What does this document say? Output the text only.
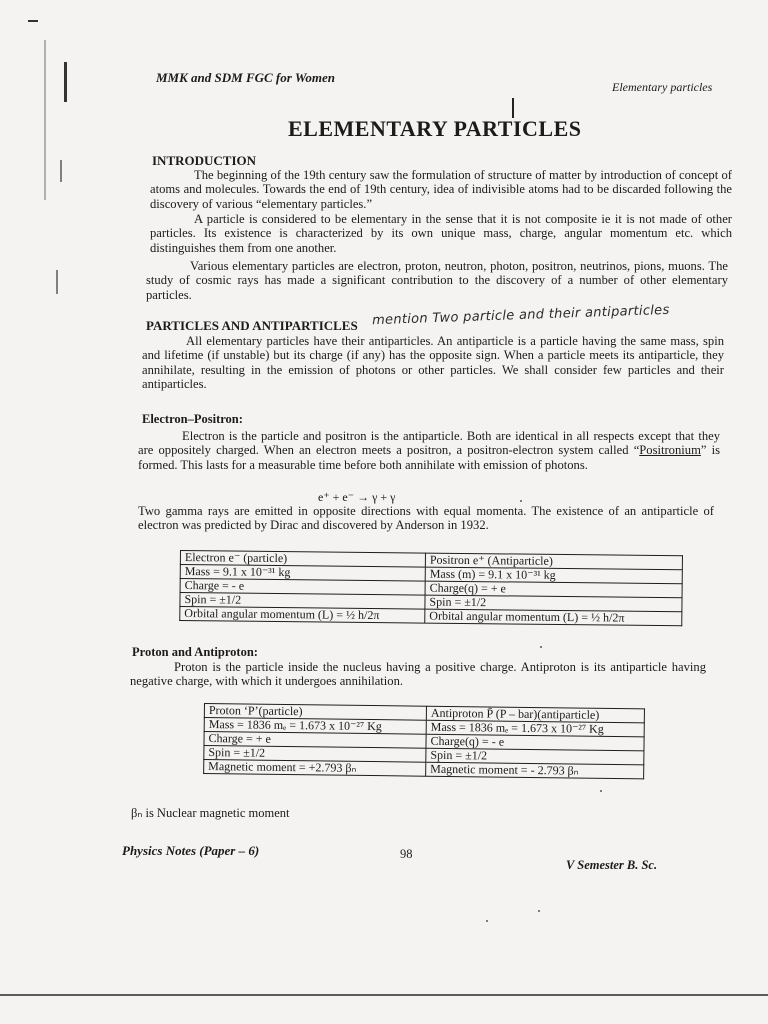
MMK and SDM FGC for Women
Elementary particles
ELEMENTARY PARTICLES
INTRODUCTION
The beginning of the 19th century saw the formulation of structure of matter by introduction of concept of atoms and molecules. Towards the end of 19th century, idea of indivisible atoms had to be discarded following the discovery of various “elementary particles.”
A particle is considered to be elementary in the sense that it is not composite ie it is not made of other particles. Its existence is characterized by its own unique mass, charge, angular momentum etc. which distinguishes them from one another.
Various elementary particles are electron, proton, neutron, photon, positron, neutrinos, pions, muons. The study of cosmic rays has made a significant contribution to the discovery of a number of other elementary particles.
PARTICLES AND ANTIPARTICLES mention Two particle and their antiparticles
All elementary particles have their antiparticles. An antiparticle is a particle having the same mass, spin and lifetime (if unstable) but its charge (if any) has the opposite sign. When a particle meets its antiparticle, they annihilate, resulting in the emission of photons or other particles. We shall consider few particles and their antiparticles.
Electron–Positron:
Electron is the particle and positron is the antiparticle. Both are identical in all respects except that they are oppositely charged. When an electron meets a positron, a positron-electron system called “Positronium” is formed. This lasts for a measurable time before both annihilate with emission of photons.
e⁺ + e⁻ → γ + γ
Two gamma rays are emitted in opposite directions with equal momenta. The existence of an antiparticle of electron was predicted by Dirac and discovered by Anderson in 1932.
Electron e⁻ (particle)	Positron e⁺ (Antiparticle)
Mass = 9.1 x 10⁻³¹ kg	Mass (m) = 9.1 x 10⁻³¹ kg
Charge = - e	Charge(q) = + e
Spin = ±1/2	Spin = ±1/2
Orbital angular momentum (L) = ½ h/2π	Orbital angular momentum (L) = ½ h/2π
Proton and Antiproton:
Proton is the particle inside the nucleus having a positive charge. Antiproton is its antiparticle having negative charge, with which it undergoes annihilation.
Proton ‘P’(particle)	Antiproton P̄ (P – bar)(antiparticle)
Mass = 1836 mₑ = 1.673 x 10⁻²⁷ Kg	Mass = 1836 mₑ = 1.673 x 10⁻²⁷ Kg
Charge = + e	Charge(q) = - e
Spin = ±1/2	Spin = ±1/2
Magnetic moment = +2.793 βₙ	Magnetic moment = - 2.793 βₙ
βₙ is Nuclear magnetic moment
Physics Notes (Paper – 6)	98
V Semester B. Sc.
